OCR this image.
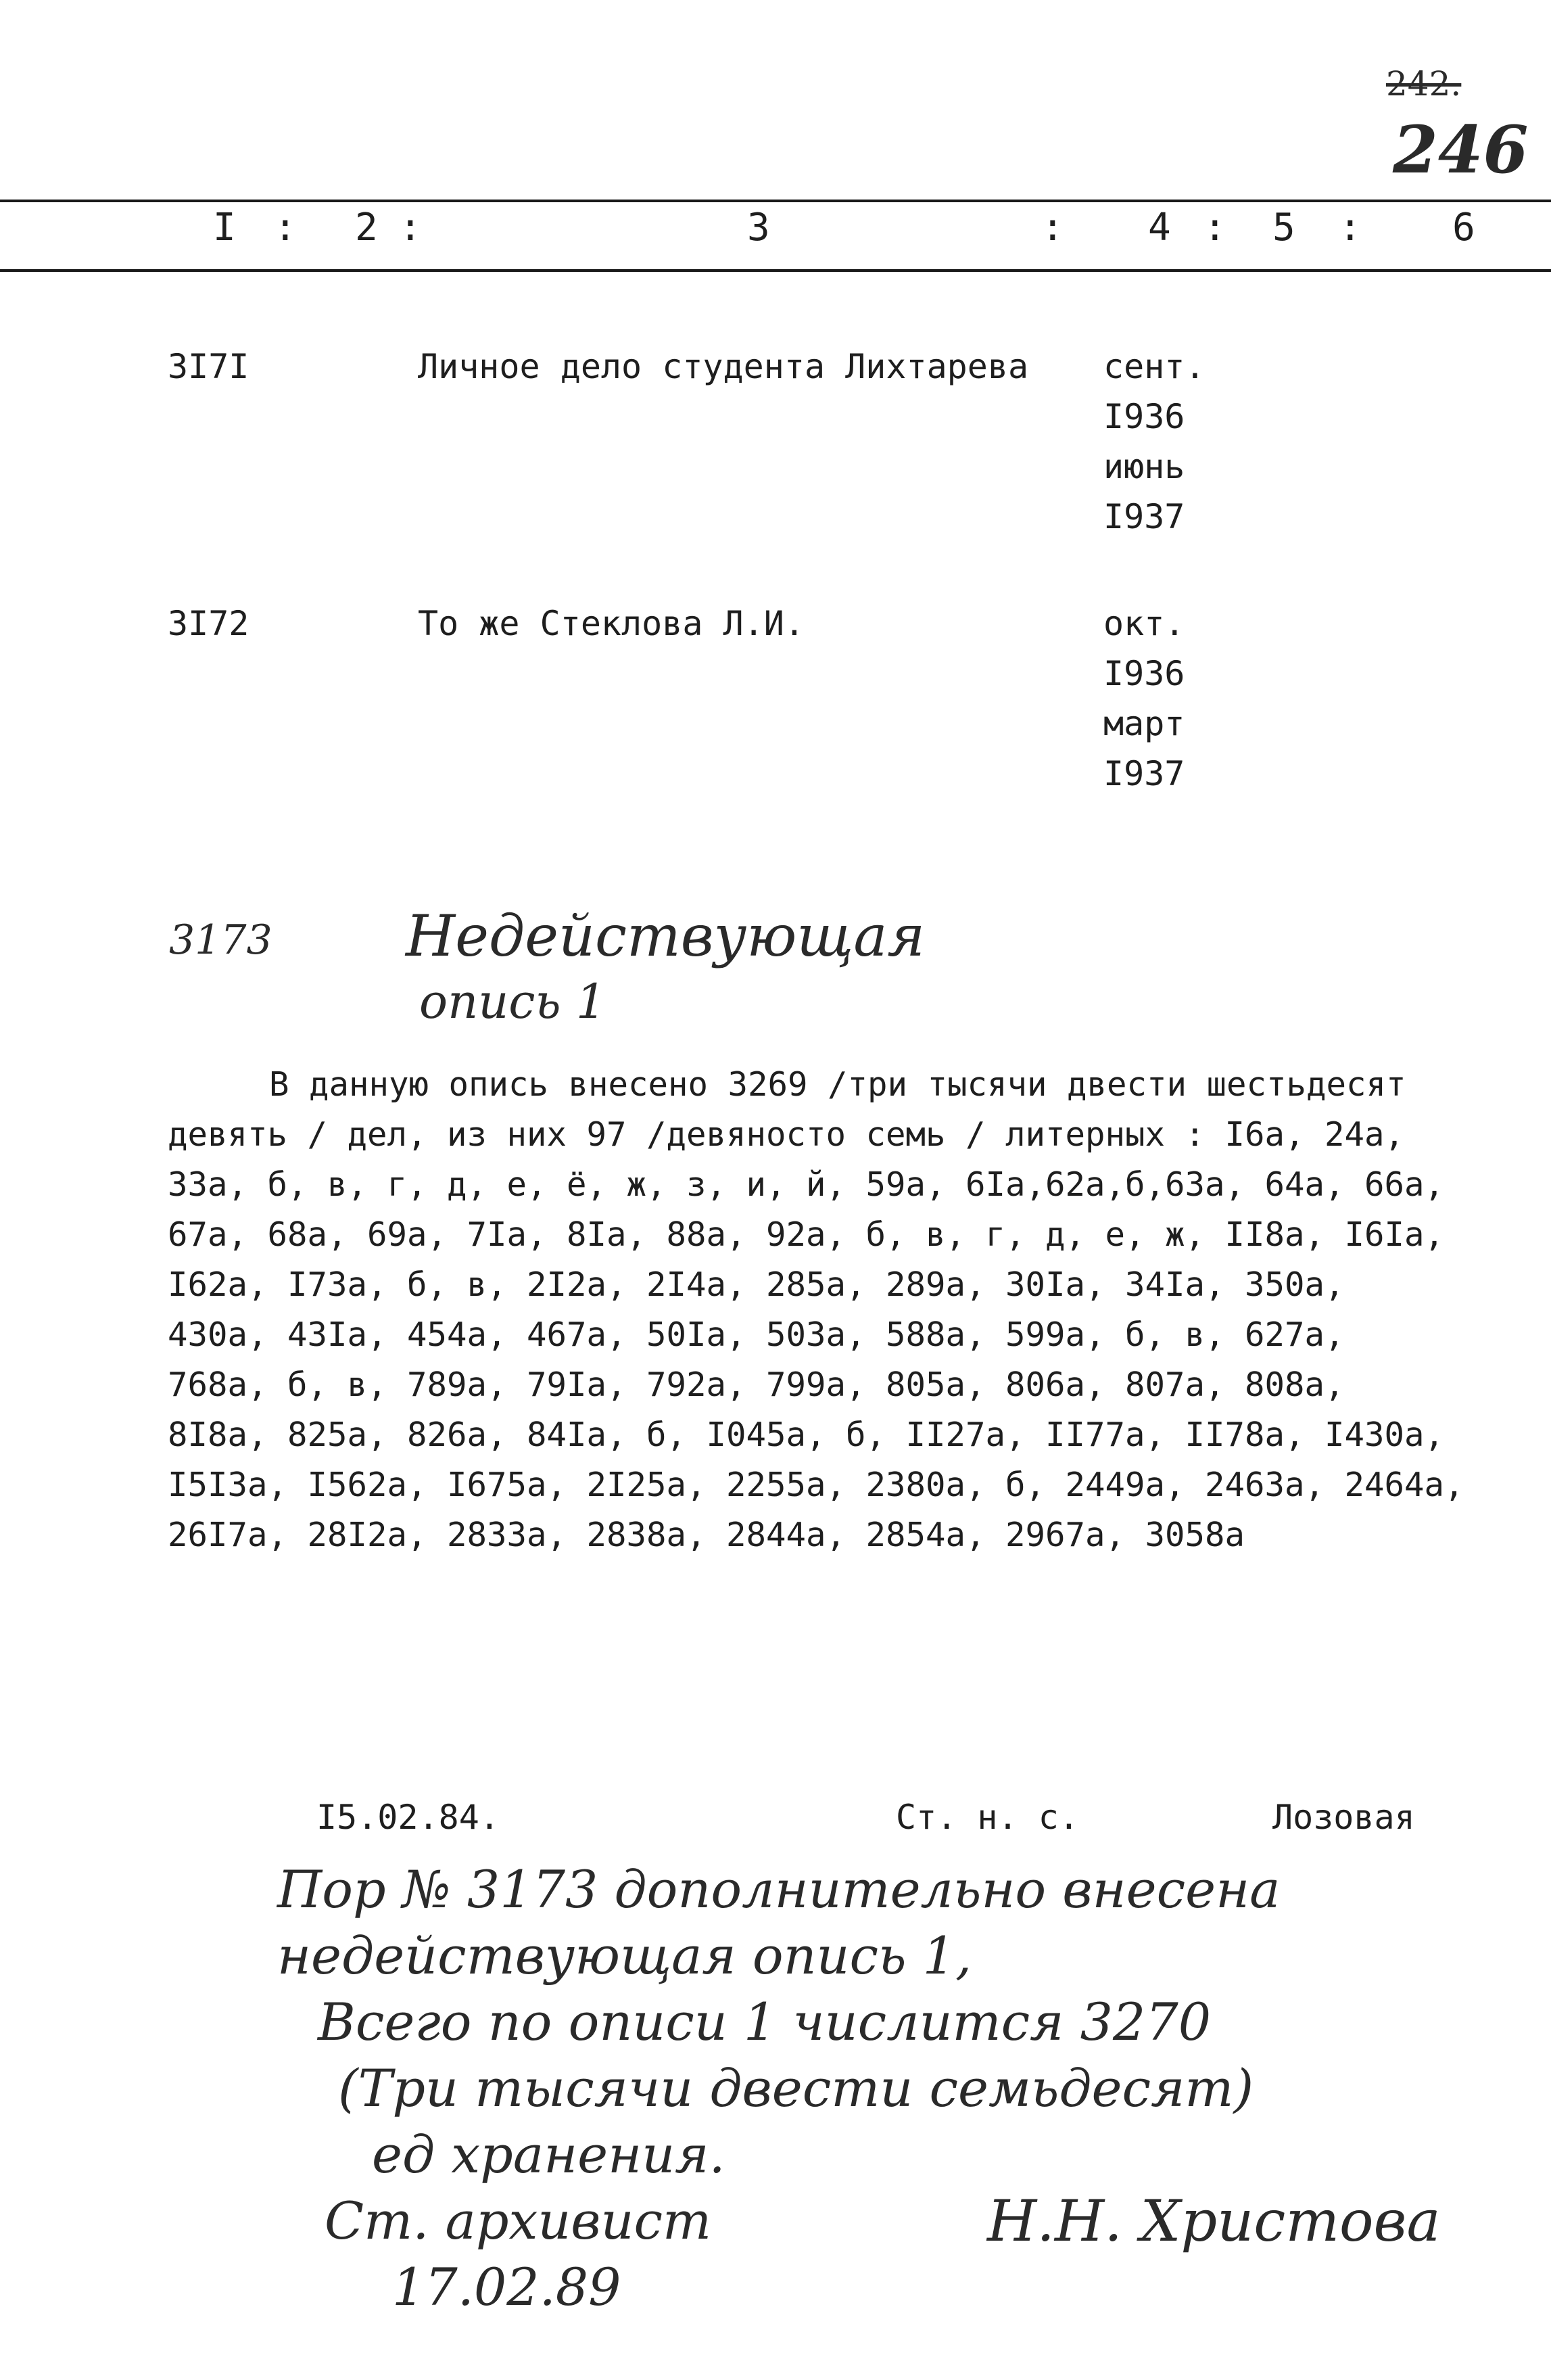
242.
246
I : 2 :	3	: 4 : 5 : 6
3I7I	Личное дело студента Лихтарева сент.
I936
июнь
I937
3I72	То же Стеклова Л.И.	окт.
I936
март
I937
3173 Недействующая
опись 1
В данную опись внесено 3269 /три тысячи двести шестьдесят
девять / дел, из них 97 /девяносто семь / литерных : I6а, 24а,
33а, б, в, г, д, е, ё, ж, з, и, й, 59а, 6Iа,62а,б,63а, 64а, 66а,
67а, 68а, 69а, 7Iа, 8Iа, 88а, 92а, б, в, г, д, е, ж, II8а, I6Iа,
I62а, I73а, б, в, 2I2а, 2I4а, 285а, 289а, 30Iа, 34Iа, 350а,
430а, 43Iа, 454а, 467а, 50Iа, 503а, 588а, 599а, б, в, 627а,
768а, б, в, 789а, 79Iа, 792а, 799а, 805а, 806а, 807а, 808а,
8I8а, 825а, 826а, 84Iа, б, I045а, б, II27а, II77а, II78а, I430а,
I5I3а, I562а, I675а, 2I25а, 2255а, 2380а, б, 2449а, 2463а, 2464а,
26I7а, 28I2а, 2833а, 2838а, 2844а, 2854а, 2967а, 3058а
I5.02.84.	Ст. н. с.	Лозовая
Пор № 3173 дополнительно внесена
недействующая опись 1,
Всего по описи 1 числится 3270
(Три тысячи двести семьдесят)
ед хранения.
Ст. архивист
17.02.89
Н.Н. Христова
